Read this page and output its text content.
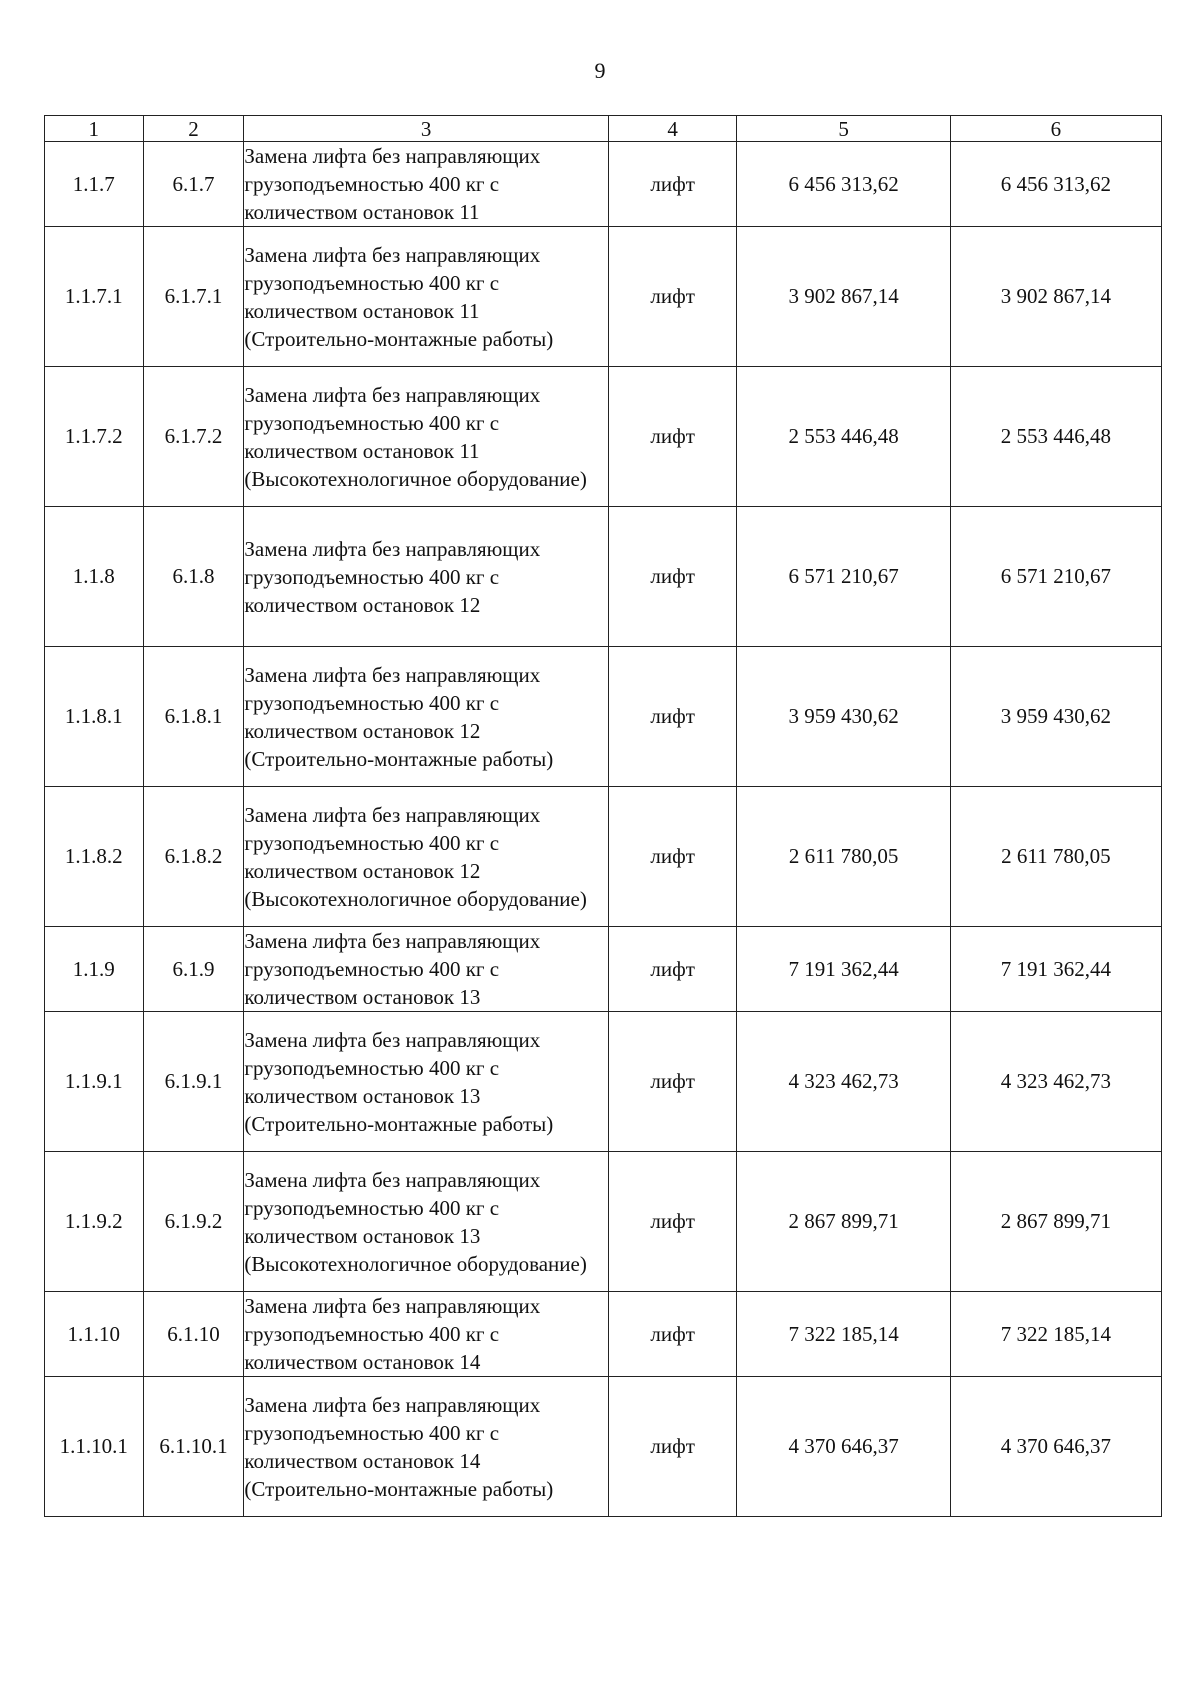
9
1	2	3	4	5	6
1.1.7	6.1.7	Замена лифта без направляющих грузоподъемностью 400 кг с количеством остановок 11	лифт	6 456 313,62	6 456 313,62
1.1.7.1	6.1.7.1	Замена лифта без направляющих грузоподъемностью 400 кг с количеством остановок 11 (Строительно-монтажные работы)	лифт	3 902 867,14	3 902 867,14
1.1.7.2	6.1.7.2	Замена лифта без направляющих грузоподъемностью 400 кг с количеством остановок 11 (Высокотехнологичное оборудование)	лифт	2 553 446,48	2 553 446,48
1.1.8	6.1.8	Замена лифта без направляющих грузоподъемностью 400 кг с количеством остановок 12	лифт	6 571 210,67	6 571 210,67
1.1.8.1	6.1.8.1	Замена лифта без направляющих грузоподъемностью 400 кг с количеством остановок 12 (Строительно-монтажные работы)	лифт	3 959 430,62	3 959 430,62
1.1.8.2	6.1.8.2	Замена лифта без направляющих грузоподъемностью 400 кг с количеством остановок 12 (Высокотехнологичное оборудование)	лифт	2 611 780,05	2 611 780,05
1.1.9	6.1.9	Замена лифта без направляющих грузоподъемностью 400 кг с количеством остановок 13	лифт	7 191 362,44	7 191 362,44
1.1.9.1	6.1.9.1	Замена лифта без направляющих грузоподъемностью 400 кг с количеством остановок 13 (Строительно-монтажные работы)	лифт	4 323 462,73	4 323 462,73
1.1.9.2	6.1.9.2	Замена лифта без направляющих грузоподъемностью 400 кг с количеством остановок 13 (Высокотехнологичное оборудование)	лифт	2 867 899,71	2 867 899,71
1.1.10	6.1.10	Замена лифта без направляющих грузоподъемностью 400 кг с количеством остановок 14	лифт	7 322 185,14	7 322 185,14
1.1.10.1	6.1.10.1	Замена лифта без направляющих грузоподъемностью 400 кг с количеством остановок 14 (Строительно-монтажные работы)	лифт	4 370 646,37	4 370 646,37
